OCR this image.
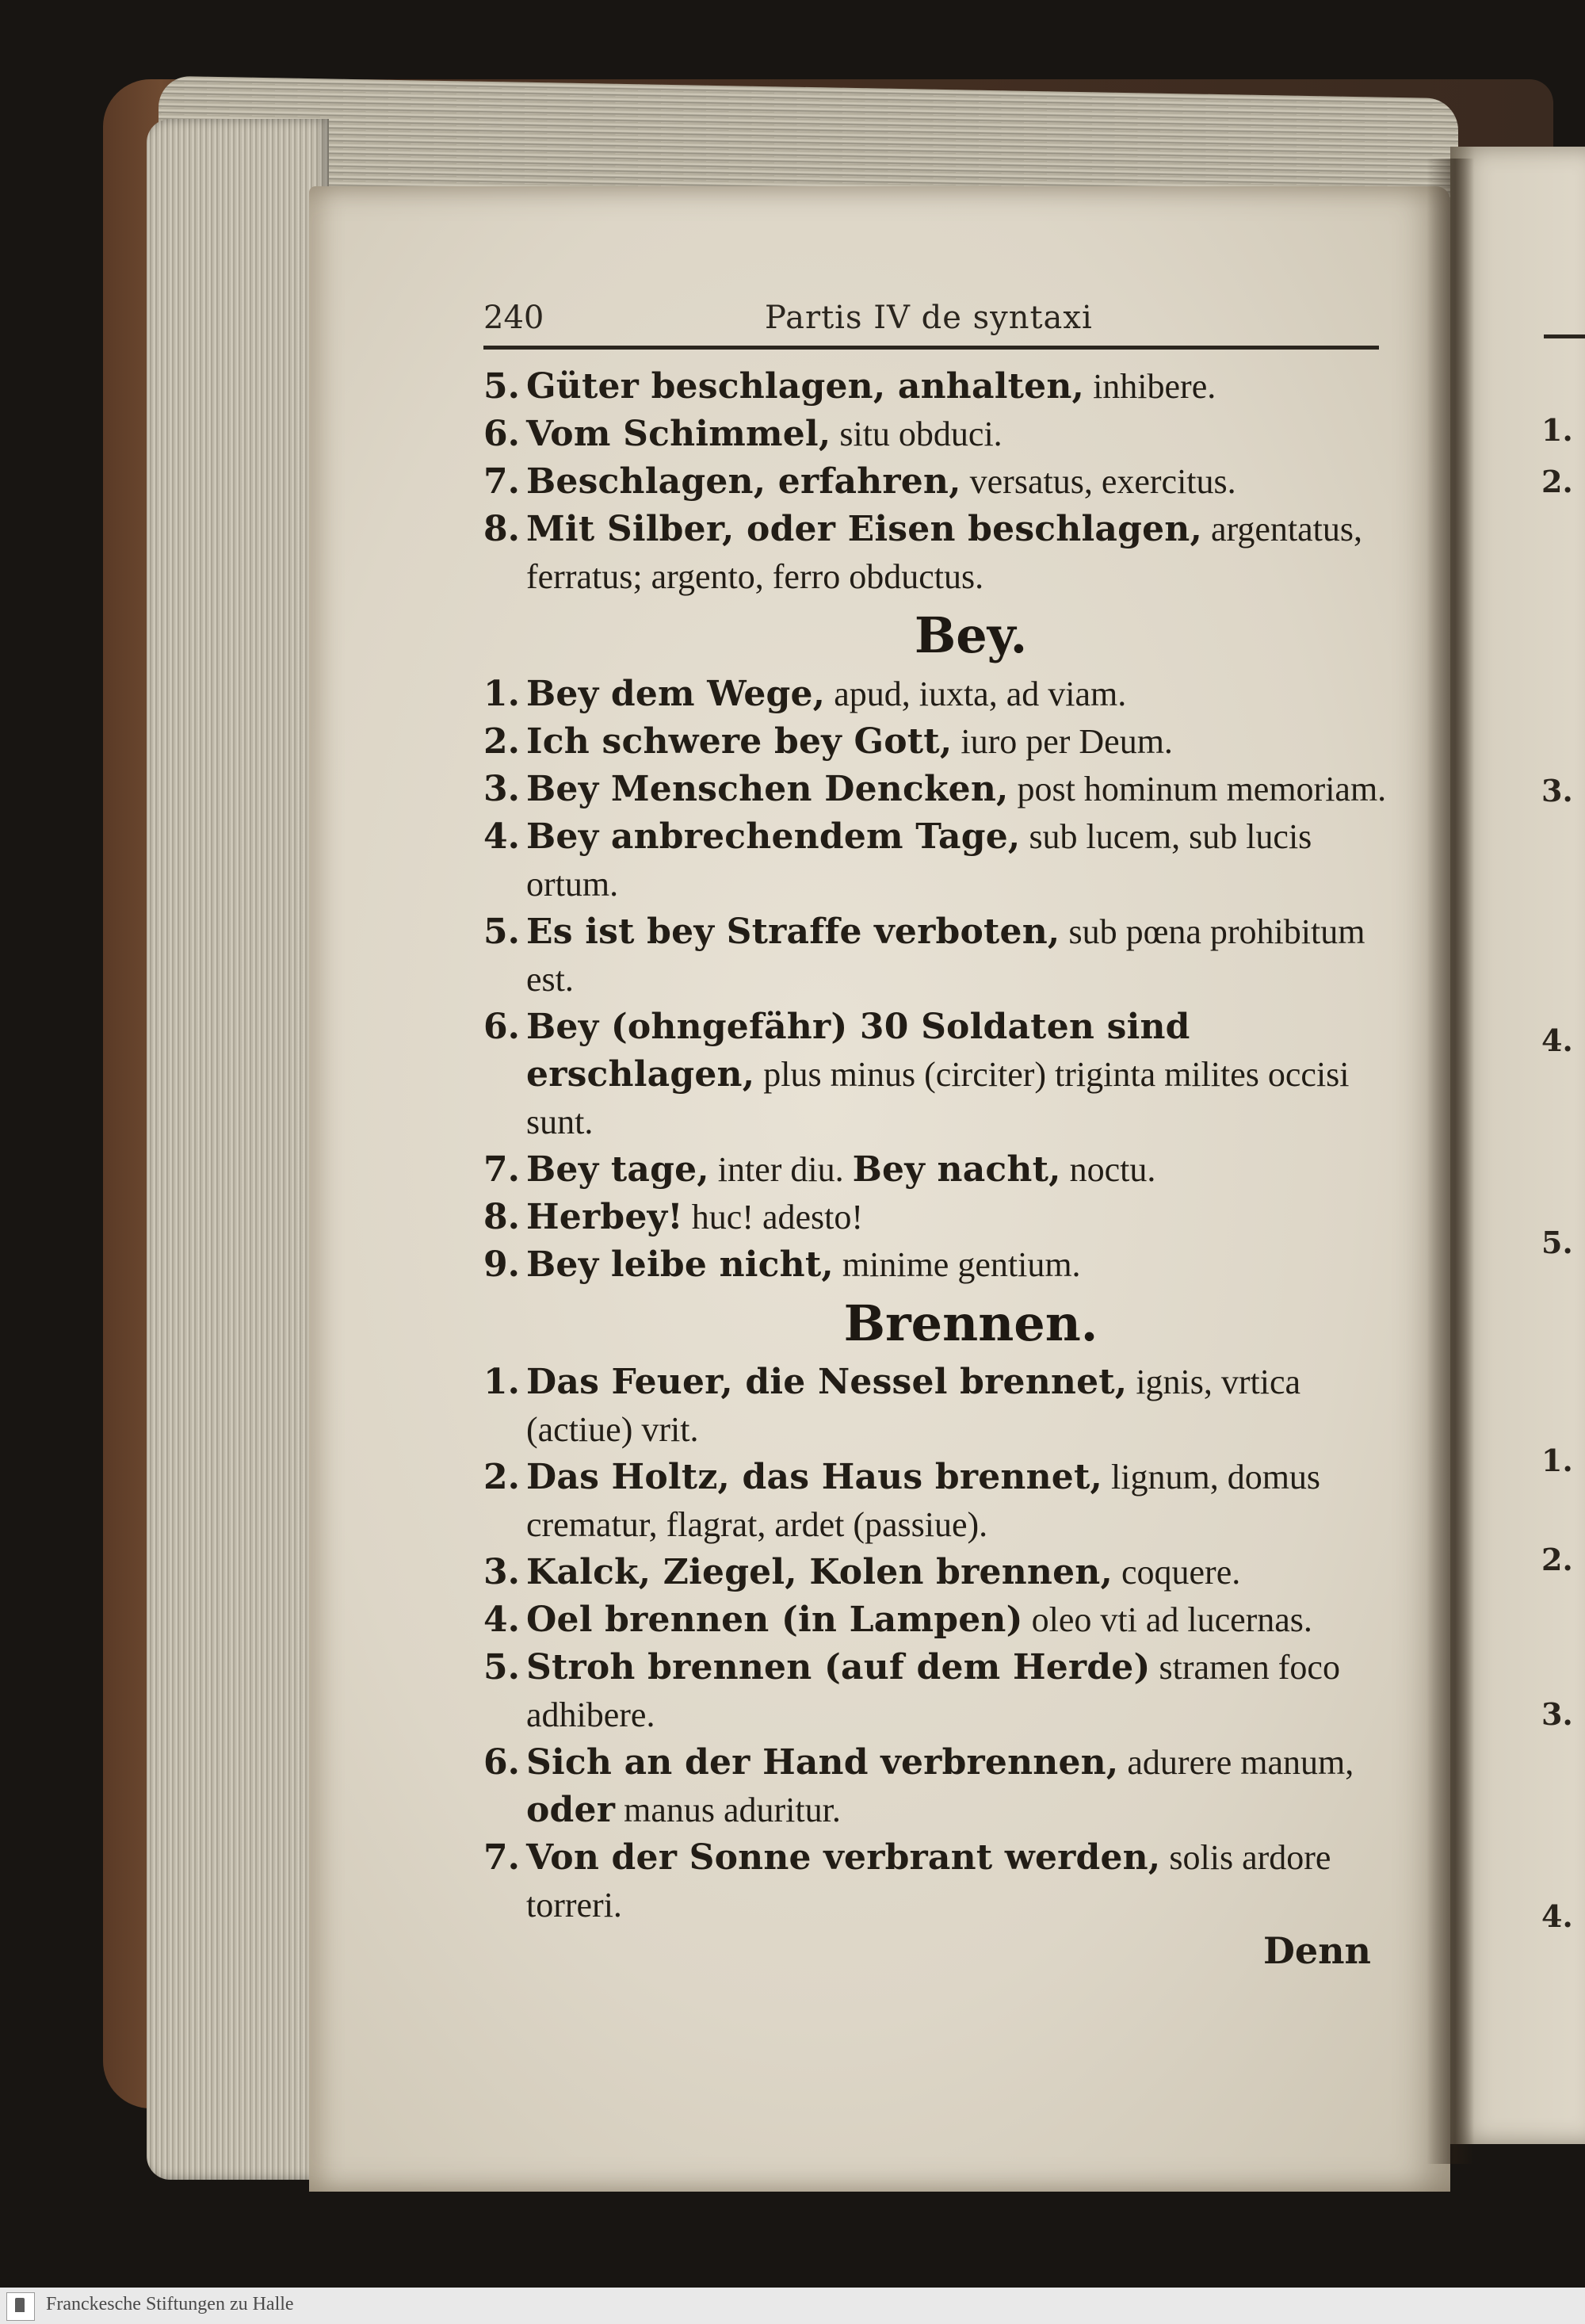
1.
2.
3.
4.
5.
1.
2.
3.
4.
240	Partis IV de syntaxi

5. Güter beschlagen, anhalten, inhibere.

6. Vom Schimmel, situ obduci.

7. Beschlagen, erfahren, versatus, exercitus.

8. Mit Silber, oder Eisen beschlagen, argentatus, ferratus; argento, ferro obductus.

Bey.

1. Bey dem Wege, apud, iuxta, ad viam.

2. Ich schwere bey Gott, iuro per Deum.

3. Bey Menschen Dencken, post hominum memoriam.

4. Bey anbrechendem Tage, sub lucem, sub lucis ortum.

5. Es ist bey Straffe verboten, sub pœna prohibitum est.

6. Bey (ohngefähr) 30 Soldaten sind erschlagen, plus minus (circiter) triginta milites occisi sunt.

7. Bey tage, inter diu. Bey nacht, noctu.

8. Herbey! huc! adesto!

9. Bey leibe nicht, minime gentium.

Brennen.

1. Das Feuer, die Nessel brennet, ignis, vrtica (actiue) vrit.

2. Das Holtz, das Haus brennet, lignum, domus crematur, flagrat, ardet (passiue).

3. Kalck, Ziegel, Kolen brennen, coquere.

4. Oel brennen (in Lampen) oleo vti ad lucernas.

5. Stroh brennen (auf dem Herde) stramen foco adhibere.

6. Sich an der Hand verbrennen, adurere manum, oder manus aduritur.

7. Von der Sonne verbrant werden, solis ardore torreri.

Denn
Franckesche Stiftungen zu Halle
